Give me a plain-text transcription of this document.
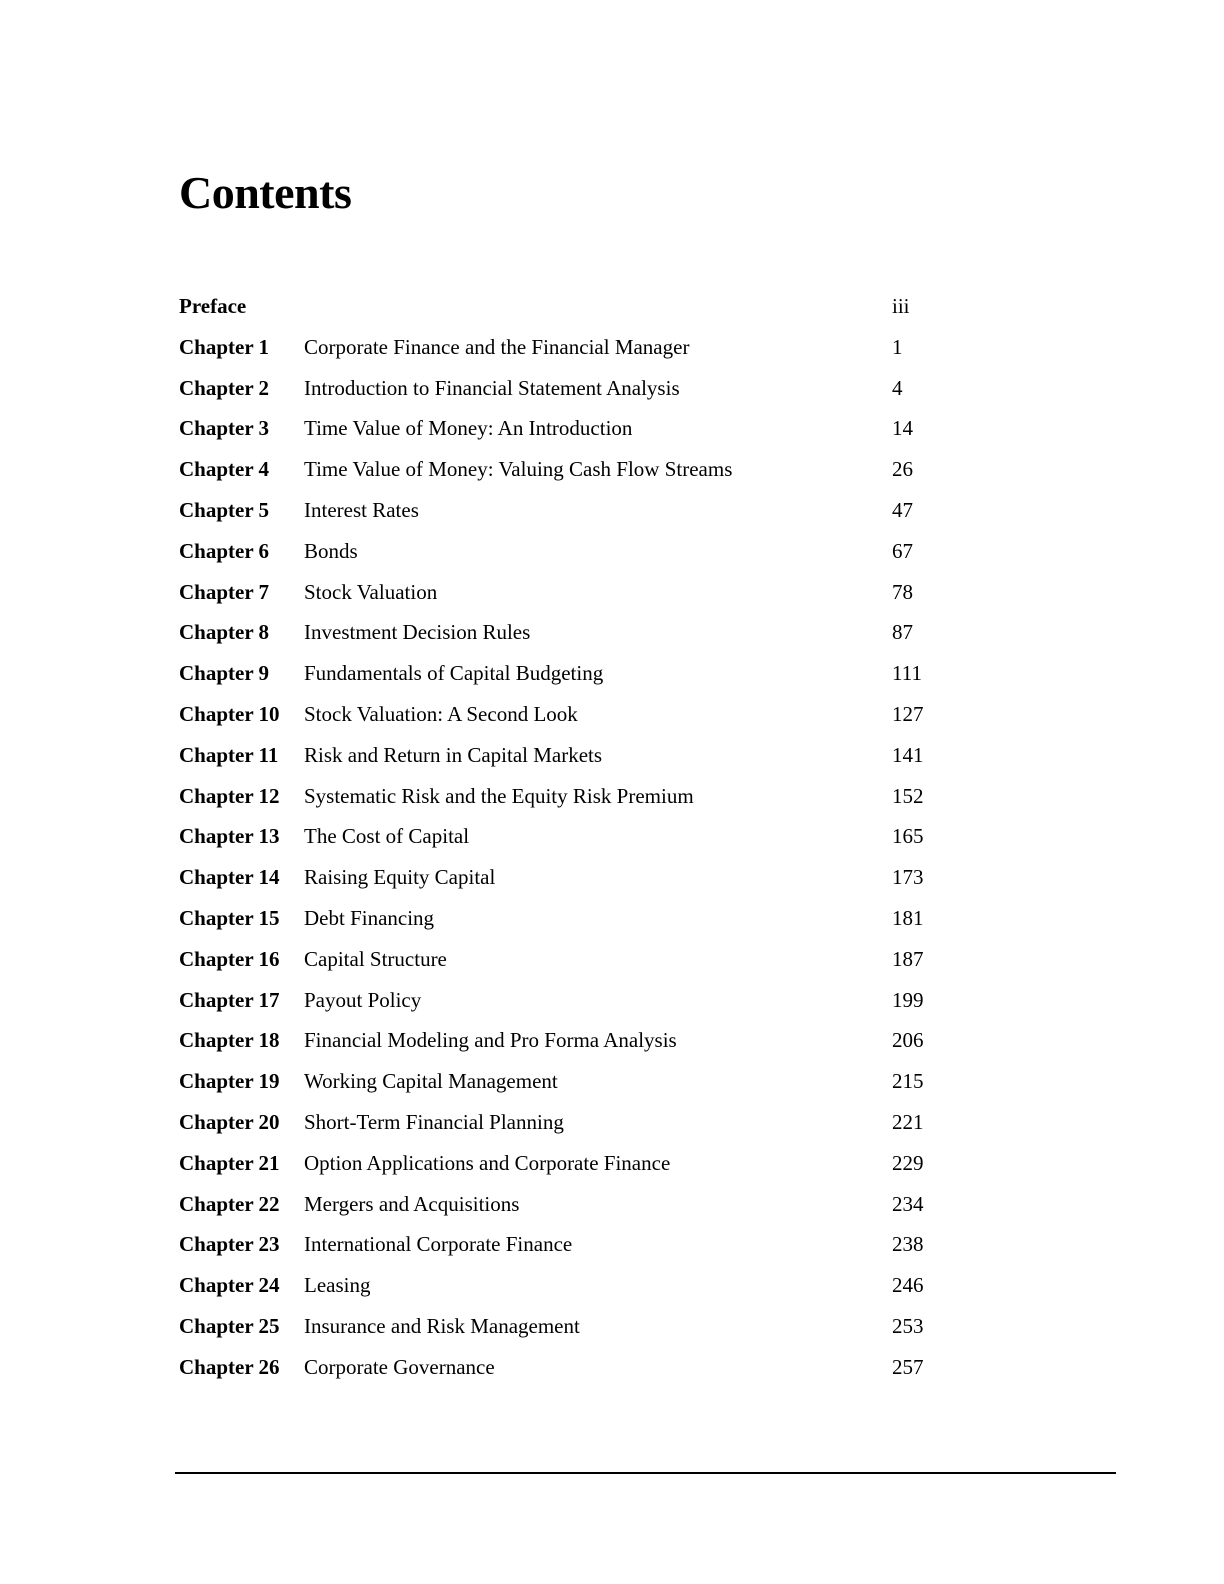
Contents
Preface	iii
Chapter 1 Corporate Finance and the Financial Manager	1
Chapter 2 Introduction to Financial Statement Analysis	4
Chapter 3 Time Value of Money: An Introduction	14
Chapter 4 Time Value of Money: Valuing Cash Flow Streams	26
Chapter 5 Interest Rates	47
Chapter 6 Bonds	67
Chapter 7 Stock Valuation	78
Chapter 8 Investment Decision Rules	87
Chapter 9 Fundamentals of Capital Budgeting	111
Chapter 10 Stock Valuation: A Second Look	127
Chapter 11 Risk and Return in Capital Markets	141
Chapter 12 Systematic Risk and the Equity Risk Premium	152
Chapter 13 The Cost of Capital	165
Chapter 14 Raising Equity Capital	173
Chapter 15 Debt Financing	181
Chapter 16 Capital Structure	187
Chapter 17 Payout Policy	199
Chapter 18 Financial Modeling and Pro Forma Analysis	206
Chapter 19 Working Capital Management	215
Chapter 20 Short-Term Financial Planning	221
Chapter 21 Option Applications and Corporate Finance	229
Chapter 22 Mergers and Acquisitions	234
Chapter 23 International Corporate Finance	238
Chapter 24 Leasing	246
Chapter 25 Insurance and Risk Management	253
Chapter 26 Corporate Governance	257
